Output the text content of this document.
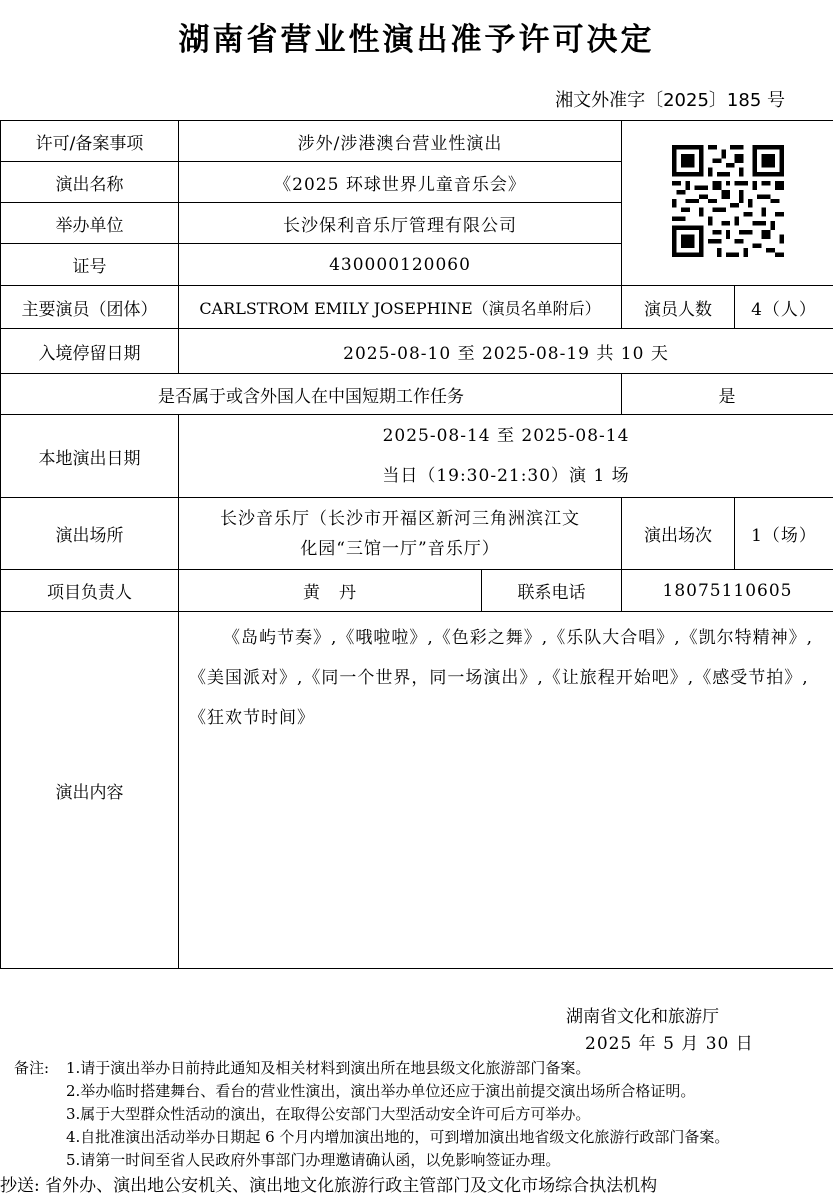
湖南省营业性演出准予许可决定
湘文外准字〔2025〕185 号
许可/备案事项	涉外/涉港澳台营业性演出	
演出名称	《2025 环球世界儿童音乐会》			
举办单位	长沙保利音乐厅管理有限公司			
证号	430000120060			
主要演员（团体）	CARLSTROM EMILY JOSEPHINE（演员名单附后）		演员人数	4（人）
入境停留日期	2025-08-10 至 2025-08-19 共 10 天			
是否属于或含外国人在中国短期工作任务			是	
本地演出日期	2025-08-14 至 2025-08-14
当日（19:30-21:30）演 1 场			

演出场所	长沙音乐厅（长沙市开福区新河三角洲滨江文
化园“三馆一厅”音乐厅）		演出场次	1（场）
项目负责人	黄　丹	联系电话	18075110605	
演出内容	《岛屿节奏》,《哦啦啦》,《色彩之舞》,《乐队大合唱》,《凯尔特精神》,《美国派对》,《同一个世界，同一场演出》,《让旅程开始吧》,《感受节拍》,《狂欢节时间》			
湖南省文化和旅游厅
2025 年 5 月 30 日
备注:	1.请于演出举办日前持此通知及相关材料到演出所在地县级文化旅游部门备案。
2.举办临时搭建舞台、看台的营业性演出，演出举办单位还应于演出前提交演出场所合格证明。
3.属于大型群众性活动的演出，在取得公安部门大型活动安全许可后方可举办。
4.自批准演出活动举办日期起 6 个月内增加演出地的，可到增加演出地省级文化旅游行政部门备案。
5.请第一时间至省人民政府外事部门办理邀请确认函，以免影响签证办理。
抄送: 省外办、演出地公安机关、演出地文化旅游行政主管部门及文化市场综合执法机构
